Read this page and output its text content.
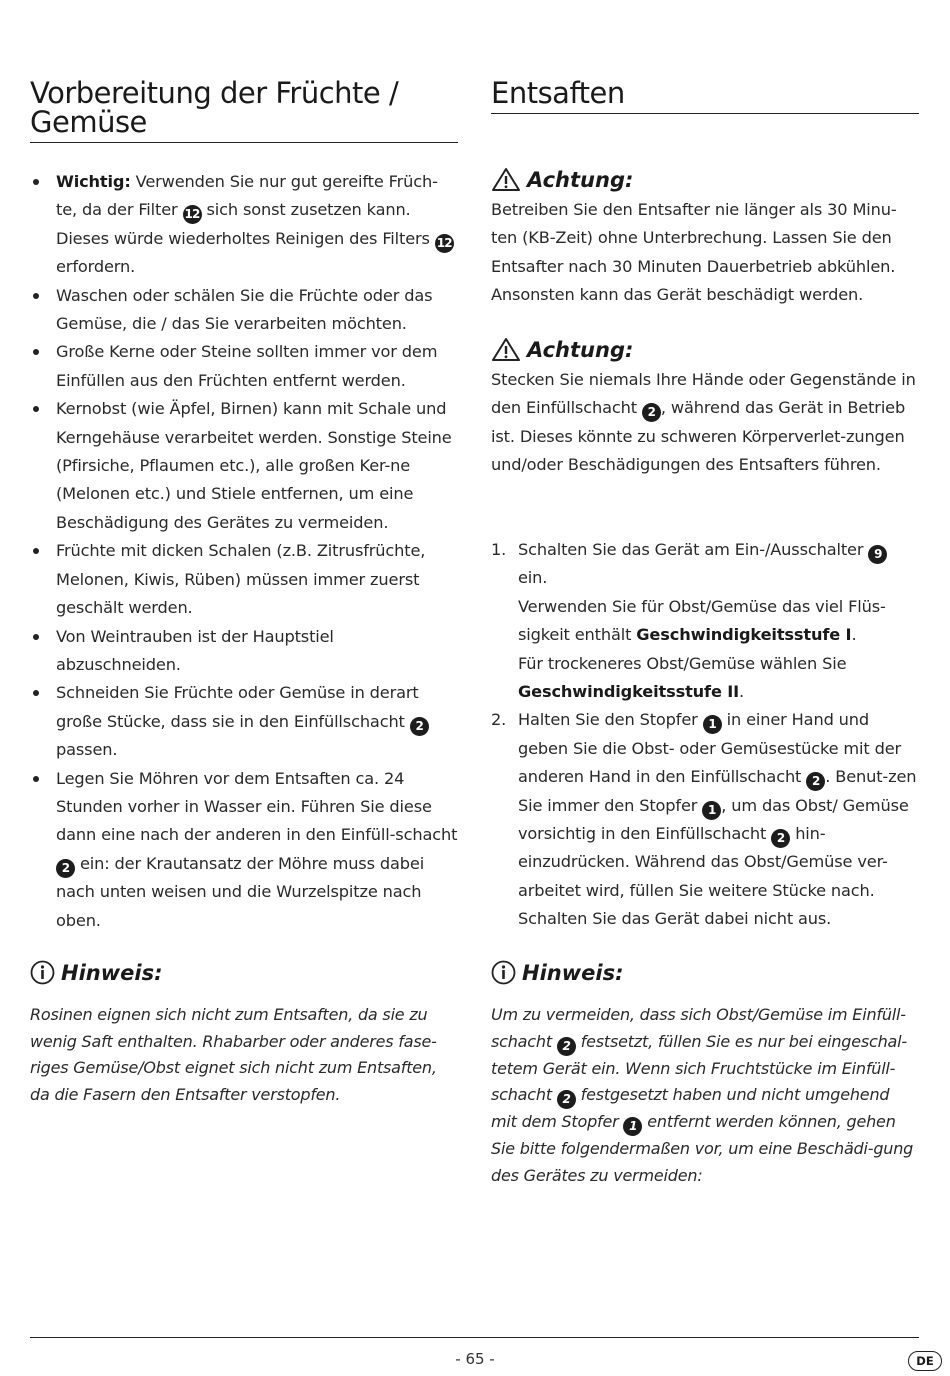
Vorbereitung der Früchte /
Gemüse
Wichtig: Verwenden Sie nur gut gereifte Früch-te, da der Filter 12 sich sonst zusetzen kann. Dieses würde wiederholtes Reinigen des Filters 12 erfordern.
Waschen oder schälen Sie die Früchte oder das Gemüse, die / das Sie verarbeiten möchten.
Große Kerne oder Steine sollten immer vor dem Einfüllen aus den Früchten entfernt werden.
Kernobst (wie Äpfel, Birnen) kann mit Schale und Kerngehäuse verarbeitet werden. Sonstige Steine (Pfirsiche, Pflaumen etc.), alle großen Ker-ne (Melonen etc.) und Stiele entfernen, um eine Beschädigung des Gerätes zu vermeiden.
Früchte mit dicken Schalen (z.B. Zitrusfrüchte, Melonen, Kiwis, Rüben) müssen immer zuerst geschält werden.
Von Weintrauben ist der Hauptstiel abzuschneiden.
Schneiden Sie Früchte oder Gemüse in derart große Stücke, dass sie in den Einfüllschacht 2 passen.
Legen Sie Möhren vor dem Entsaften ca. 24 Stunden vorher in Wasser ein. Führen Sie diese dann eine nach der anderen in den Einfüll-schacht 2 ein: der Krautansatz der Möhre muss dabei nach unten weisen und die Wurzelspitze nach oben.
Hinweis:
Rosinen eignen sich nicht zum Entsaften, da sie zu wenig Saft enthalten. Rhabarber oder anderes fase-riges Gemüse/Obst eignet sich nicht zum Entsaften, da die Fasern den Entsafter verstopfen.
Entsaften
Achtung:
Betreiben Sie den Entsafter nie länger als 30 Minu-ten (KB-Zeit) ohne Unterbrechung. Lassen Sie den Entsafter nach 30 Minuten Dauerbetrieb abkühlen. Ansonsten kann das Gerät beschädigt werden.
Achtung:
Stecken Sie niemals Ihre Hände oder Gegenstände in den Einfüllschacht 2 , während das Gerät in Betrieb ist. Dieses könnte zu schweren Körperverlet-zungen und/oder Beschädigungen des Entsafters führen.
1. Schalten Sie das Gerät am Ein-/Ausschalter 9 ein.
Verwenden Sie für Obst/Gemüse das viel Flüs-sigkeit enthält Geschwindigkeitsstufe I.
Für trockeneres Obst/Gemüse wählen Sie Geschwindigkeitsstufe II.
2. Halten Sie den Stopfer 1 in einer Hand und geben Sie die Obst- oder Gemüsestücke mit der anderen Hand in den Einfüllschacht 2 . Benut-zen Sie immer den Stopfer 1 , um das Obst/ Gemüse vorsichtig in den Einfüllschacht 2 hin-einzudrücken. Während das Obst/Gemüse ver-arbeitet wird, füllen Sie weitere Stücke nach. Schalten Sie das Gerät dabei nicht aus.
Hinweis:
Um zu vermeiden, dass sich Obst/Gemüse im Einfüll-schacht 2 festsetzt, füllen Sie es nur bei eingeschal-tetem Gerät ein. Wenn sich Fruchtstücke im Einfüll-schacht 2 festgesetzt haben und nicht umgehend mit dem Stopfer 1 entfernt werden können, gehen Sie bitte folgendermaßen vor, um eine Beschädi-gung des Gerätes zu vermeiden:
- 65 -	DE
